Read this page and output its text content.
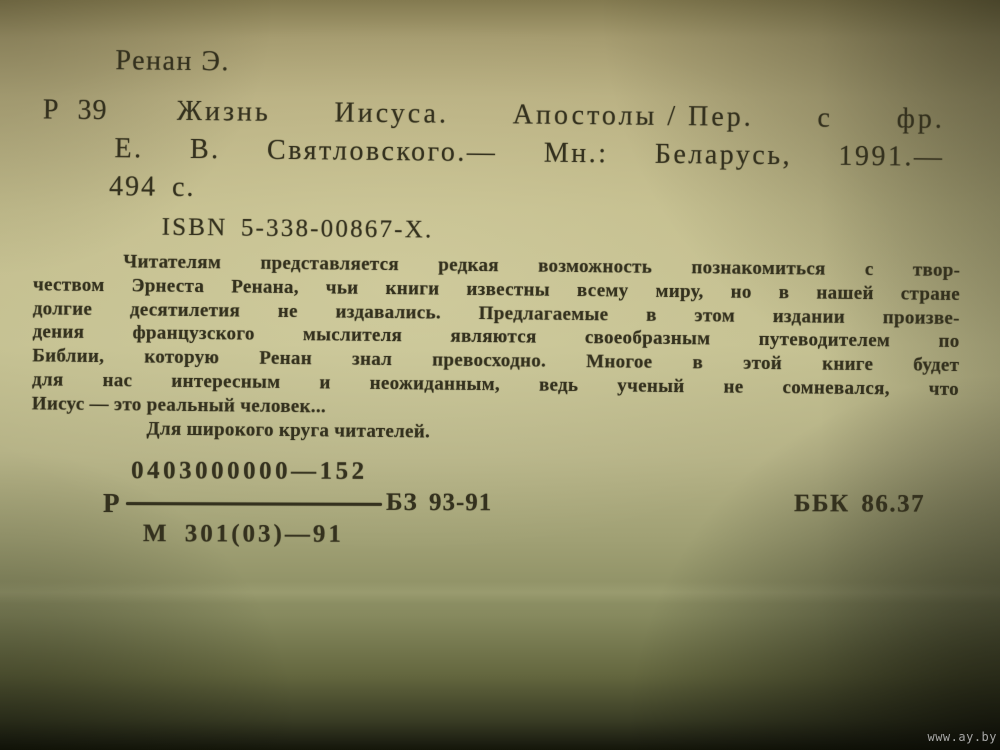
Ренан Э.
Р 39 Жизнь Иисуса. Апостолы / Пер. с фр.
Е. В. Святловского.— Мн.: Беларусь, 1991.—
494 с.
ISBN 5-338-00867-X.
Читателям представляется редкая возможность познакомиться с твор-
чеством Эрнеста Ренана, чьи книги известны всему миру, но в нашей стране
долгие десятилетия не издавались. Предлагаемые в этом издании произве-
дения французского мыслителя являются своеобразным путеводителем по
Библии, которую Ренан знал превосходно. Многое в этой книге будет
для нас интересным и неожиданным, ведь ученый не сомневался, что
Иисус — это реальный человек...
Для широкого круга читателей.
Р
0403000000—152
БЗ 93-91
М 301(03)—91
ББК 86.37
www.ay.by
